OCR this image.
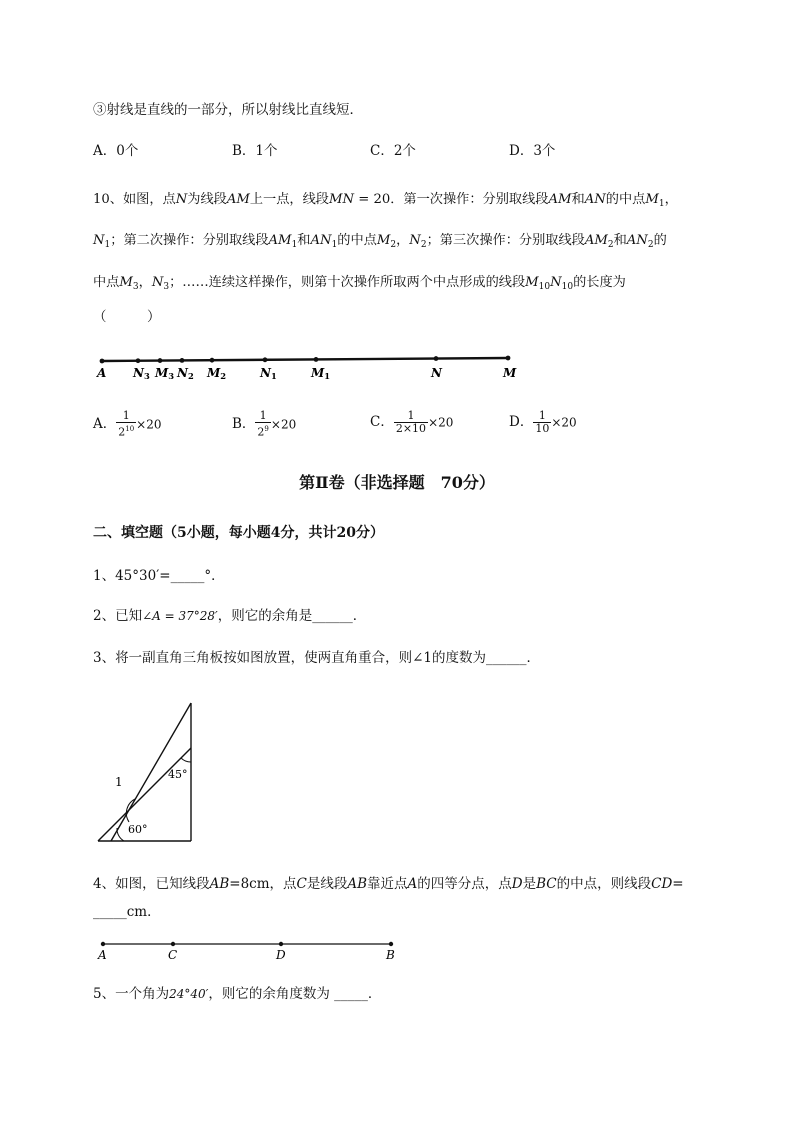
③射线是直线的一部分，所以射线比直线短．
A．0个	B．1个	C．2个	D．3个
10、如图，点N为线段AM上一点，线段MN = 20．第一次操作：分别取线段AM和AN的中点$M_1$，
$N_1$；第二次操作：分别取线段$AM_1$和$AN_1$的中点$M_2$，$N_2$；第三次操作：分别取线段$AM_2$和$AN_2$的
中点$M_3$，$N_3$；……连续这样操作，则第十次操作所取两个中点形成的线段$M_{10}N_{10}$的长度为
（　　　）
A N3 M3 N2 M2	N1	M1	N	M
A． $\frac{1}{2^{10}} \times 20$	B． $\frac{1}{2^9} \times 20$	C． $\frac{1}{2\times 10} \times 20$	D． $\frac{1}{10} \times 20$
第Ⅱ卷（非选择题　70分）
二、填空题（5小题，每小题4分，共计20分）
1、45°30′=_____°．
2、已知∠A = 37°28′，则它的余角是______．
3、将一副直角三角板按如图放置，使两直角重合，则∠1的度数为______．
1
45°
60°
4、如图，已知线段AB=8cm，点C是线段AB靠近点A的四等分点，点D是BC的中点，则线段CD=
_____cm．
A	C	D	B
5、一个角为24°40′，则它的余角度数为 _____．
